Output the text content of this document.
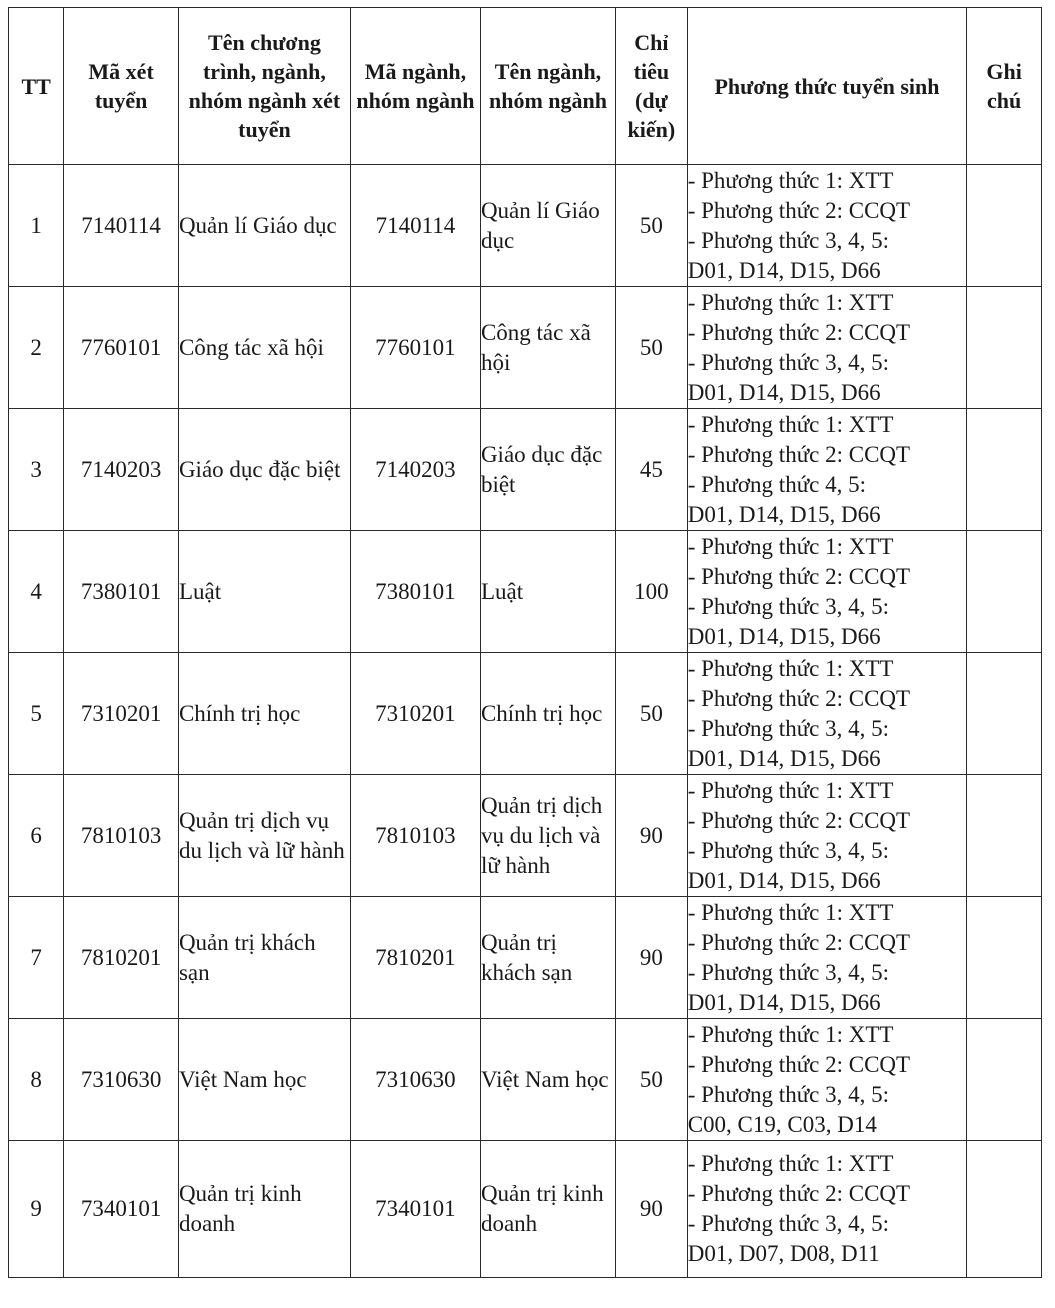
TT	Mã xét tuyển	Tên chương trình, ngành, nhóm ngành xét tuyển	Mã ngành, nhóm ngành	Tên ngành, nhóm ngành	Chỉ tiêu (dự kiến)	Phương thức tuyển sinh	Ghi chú
1	7140114	Quản lí Giáo dục	7140114	Quản lí Giáo dục	50	- Phương thức 1: XTT
- Phương thức 2: CCQT
- Phương thức 3, 4, 5:
D01, D14, D15, D66	

2	7760101	Công tác xã hội	7760101	Công tác xã hội	50	- Phương thức 1: XTT
- Phương thức 2: CCQT
- Phương thức 3, 4, 5:
D01, D14, D15, D66	

3	7140203	Giáo dục đặc biệt	7140203	Giáo dục đặc biệt	45	- Phương thức 1: XTT
- Phương thức 2: CCQT
- Phương thức 4, 5:
D01, D14, D15, D66	

4	7380101	Luật	7380101	Luật	100	- Phương thức 1: XTT
- Phương thức 2: CCQT
- Phương thức 3, 4, 5:
D01, D14, D15, D66	

5	7310201	Chính trị học	7310201	Chính trị học	50	- Phương thức 1: XTT
- Phương thức 2: CCQT
- Phương thức 3, 4, 5:
D01, D14, D15, D66	

6	7810103	Quản trị dịch vụ du lịch và lữ hành	7810103	Quản trị dịch vụ du lịch và lữ hành	90	- Phương thức 1: XTT
- Phương thức 2: CCQT
- Phương thức 3, 4, 5:
D01, D14, D15, D66	

7	7810201	Quản trị khách sạn	7810201	Quản trị khách sạn	90	- Phương thức 1: XTT
- Phương thức 2: CCQT
- Phương thức 3, 4, 5:
D01, D14, D15, D66	

8	7310630	Việt Nam học	7310630	Việt Nam học	50	- Phương thức 1: XTT
- Phương thức 2: CCQT
- Phương thức 3, 4, 5:
C00, C19, C03, D14	

9	7340101	Quản trị kinh doanh	7340101	Quản trị kinh doanh	90	- Phương thức 1: XTT
- Phương thức 2: CCQT
- Phương thức 3, 4, 5:
D01, D07, D08, D11	
